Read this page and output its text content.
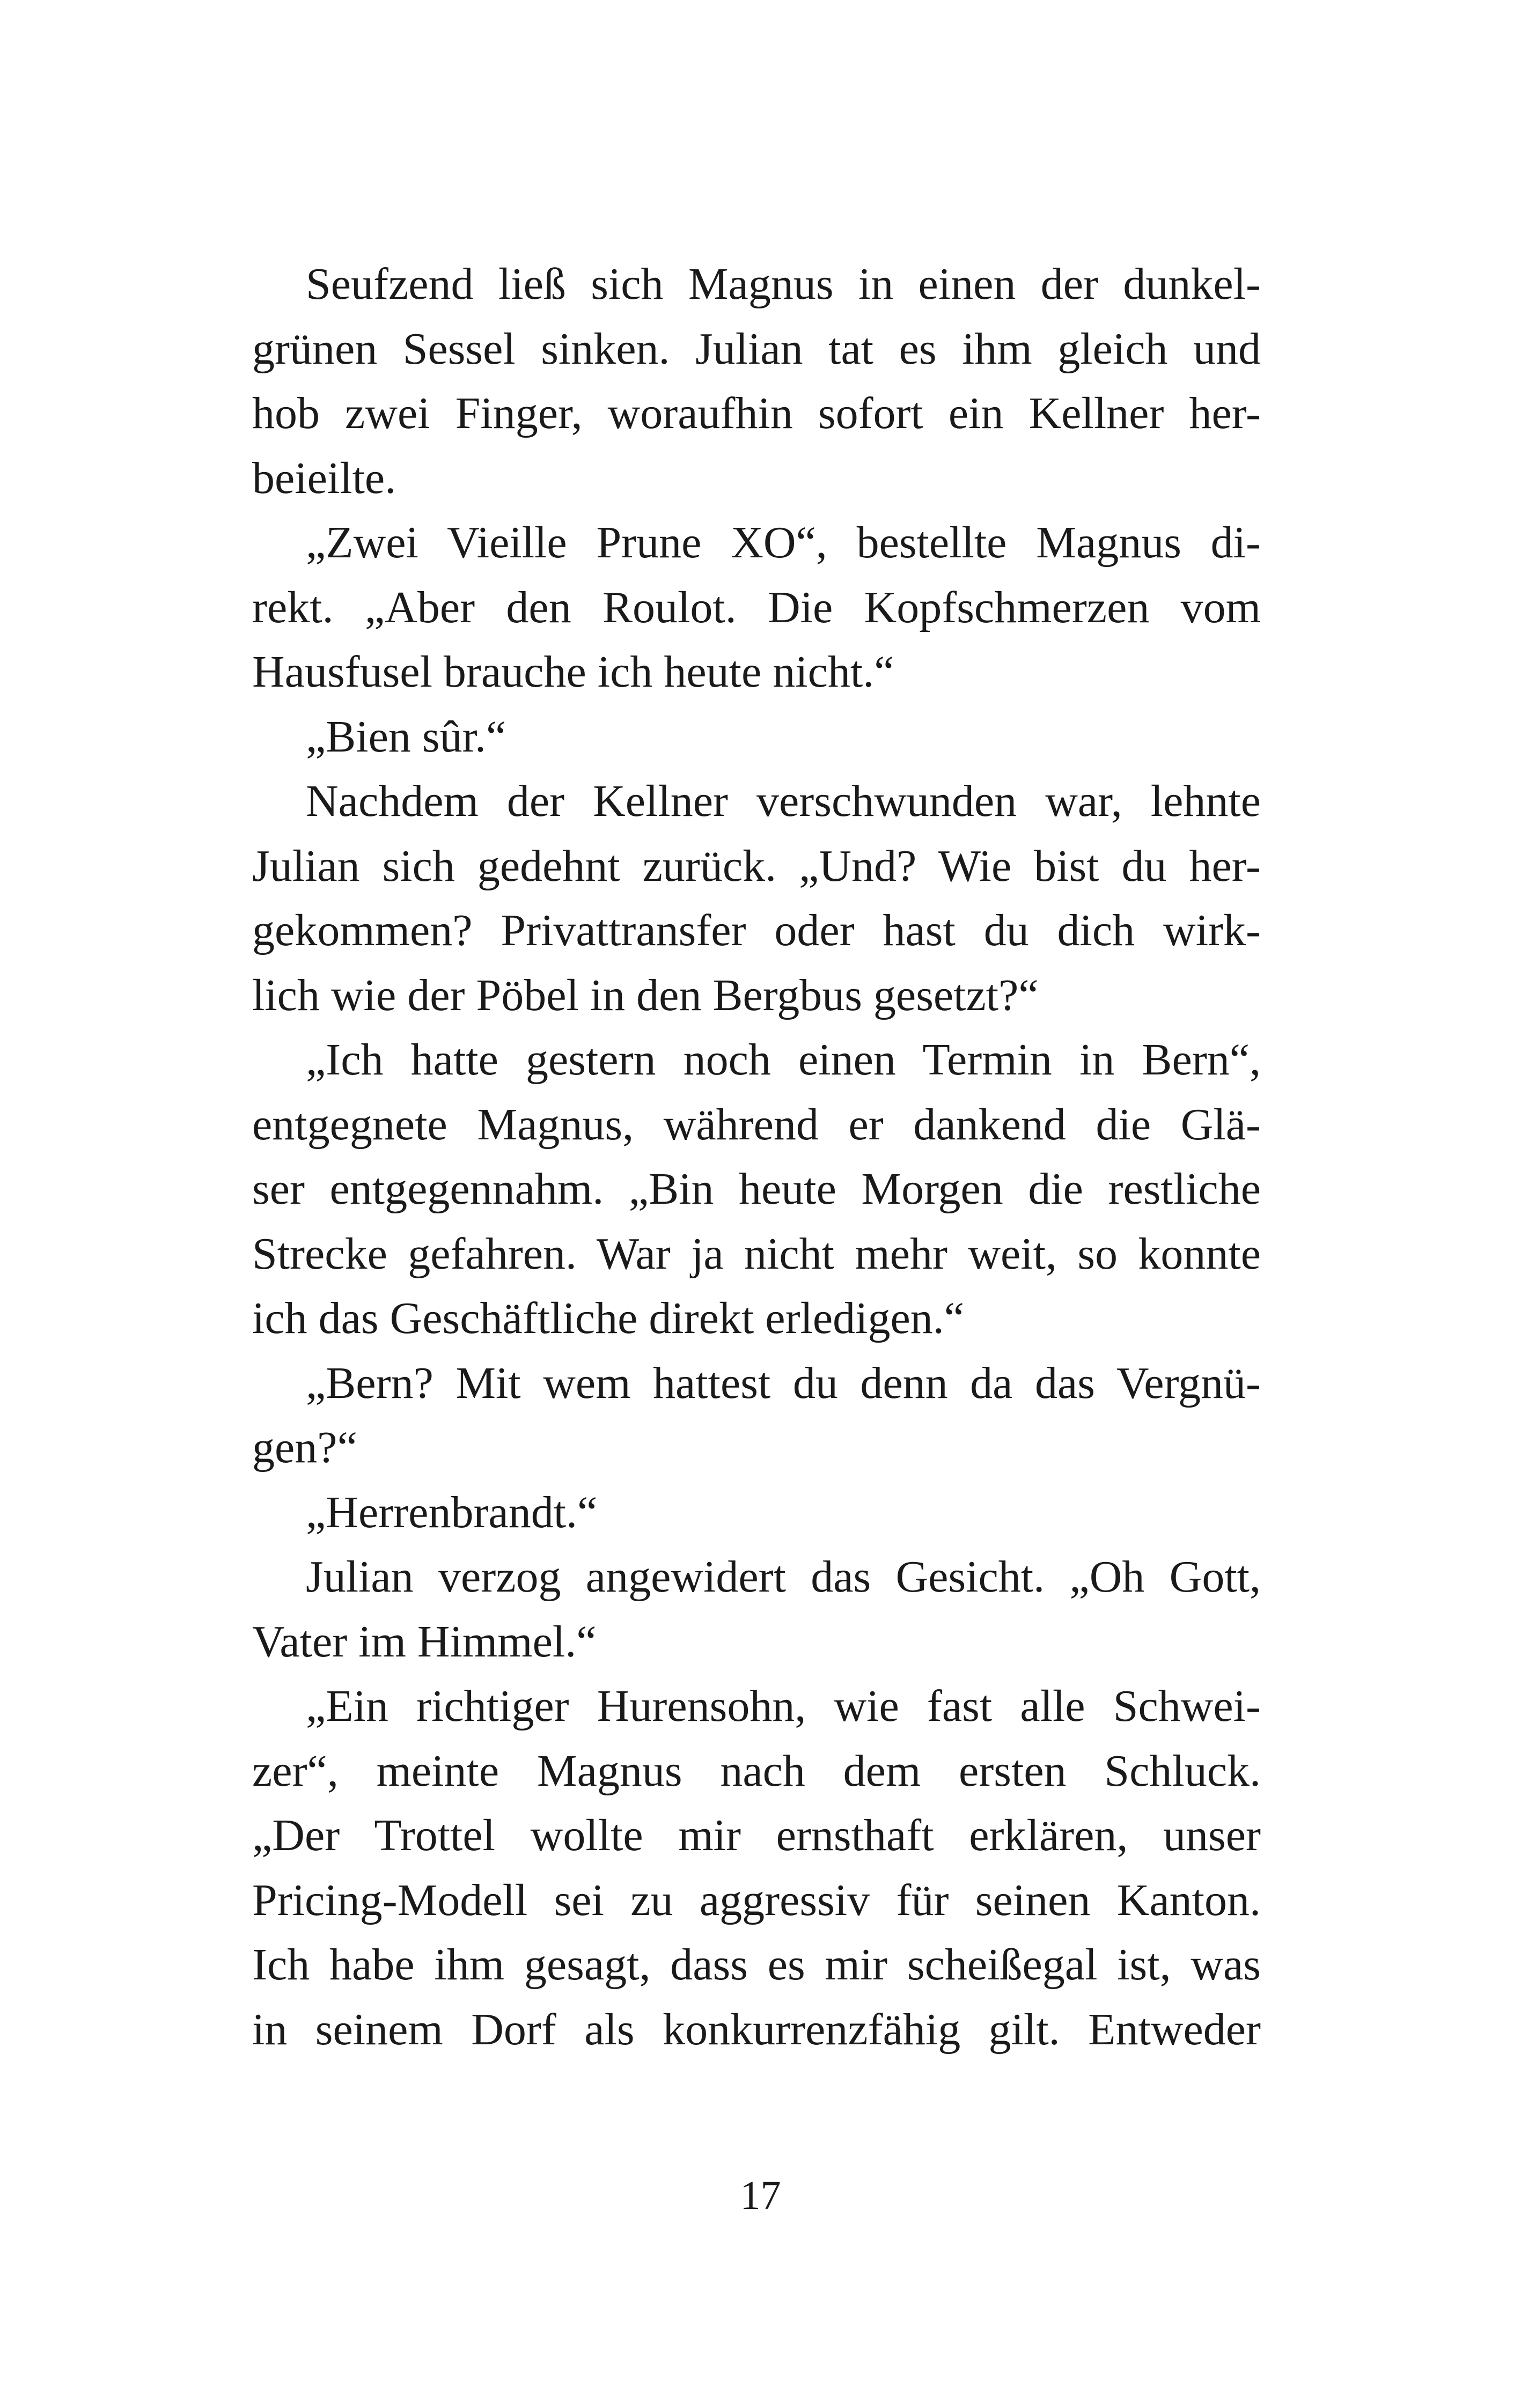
Seufzend ließ sich Magnus in einen der dunkel-
grünen Sessel sinken. Julian tat es ihm gleich und
hob zwei Finger, woraufhin sofort ein Kellner her-
beieilte.
„Zwei Vieille Prune XO“, bestellte Magnus di-
rekt. „Aber den Roulot. Die Kopfschmerzen vom
Hausfusel brauche ich heute nicht.“
„Bien sûr.“
Nachdem der Kellner verschwunden war, lehnte
Julian sich gedehnt zurück. „Und? Wie bist du her-
gekommen? Privattransfer oder hast du dich wirk-
lich wie der Pöbel in den Bergbus gesetzt?“
„Ich hatte gestern noch einen Termin in Bern“,
entgegnete Magnus, während er dankend die Glä-
ser entgegennahm. „Bin heute Morgen die restliche
Strecke gefahren. War ja nicht mehr weit, so konnte
ich das Geschäftliche direkt erledigen.“
„Bern? Mit wem hattest du denn da das Vergnü-
gen?“
„Herrenbrandt.“
Julian verzog angewidert das Gesicht. „Oh Gott,
Vater im Himmel.“
„Ein richtiger Hurensohn, wie fast alle Schwei-
zer“, meinte Magnus nach dem ersten Schluck.
„Der Trottel wollte mir ernsthaft erklären, unser
Pricing-Modell sei zu aggressiv für seinen Kanton.
Ich habe ihm gesagt, dass es mir scheißegal ist, was
in seinem Dorf als konkurrenzfähig gilt. Entweder
17
